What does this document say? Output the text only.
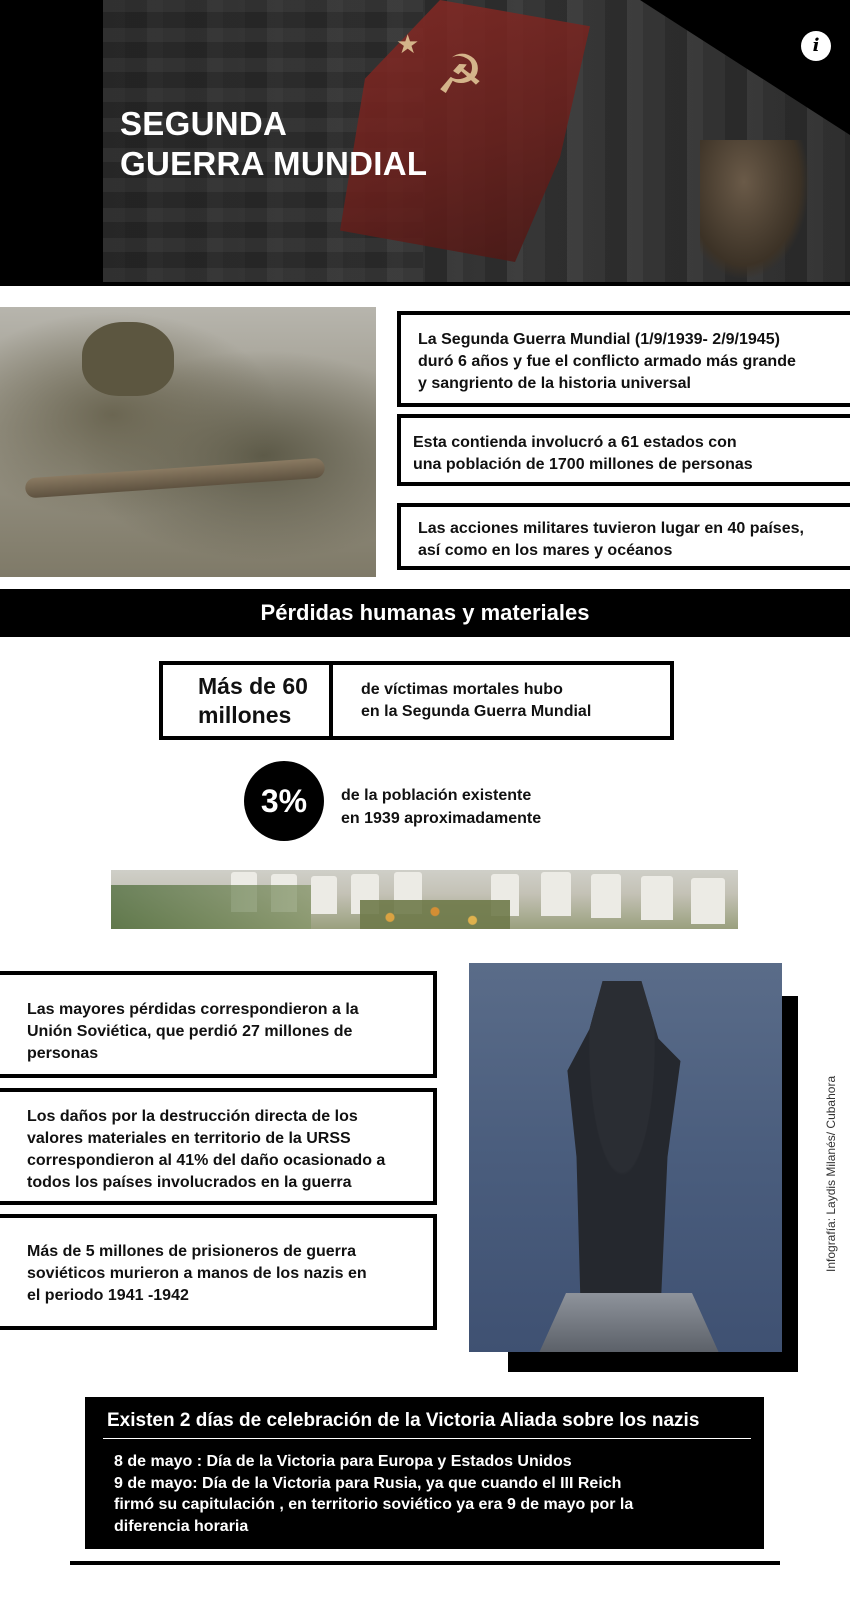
★ ☭	i
SEGUNDA
GUERRA MUNDIAL
La Segunda Guerra Mundial (1/9/1939- 2/9/1945)
duró 6 años y fue el conflicto armado más grande
y sangriento de la historia universal
Esta contienda involucró a 61 estados con
una población de 1700 millones de personas
Las acciones militares tuvieron lugar en 40 países,
así como en los mares y océanos
Pérdidas humanas y materiales
Más de 60
millones
de víctimas mortales hubo
en la Segunda Guerra Mundial
3%	de la población existente
en 1939 aproximadamente
Las mayores pérdidas correspondieron a la
Unión Soviética, que perdió 27 millones de
personas
Los daños por la destrucción directa de los
valores materiales en territorio de la URSS
correspondieron al 41% del daño ocasionado a
todos los países involucrados en la guerra
Más de 5 millones de prisioneros de guerra
soviéticos murieron a manos de los nazis en
el periodo 1941 -1942
Infografía: Laydis Milanés/ Cubahora
Existen 2 días de celebración de la Victoria Aliada sobre los nazis
8 de mayo : Día de la Victoria para Europa y Estados Unidos
9 de mayo: Día de la Victoria para Rusia, ya que cuando el III Reich
firmó su capitulación , en territorio soviético ya era 9 de mayo por la
diferencia horaria
